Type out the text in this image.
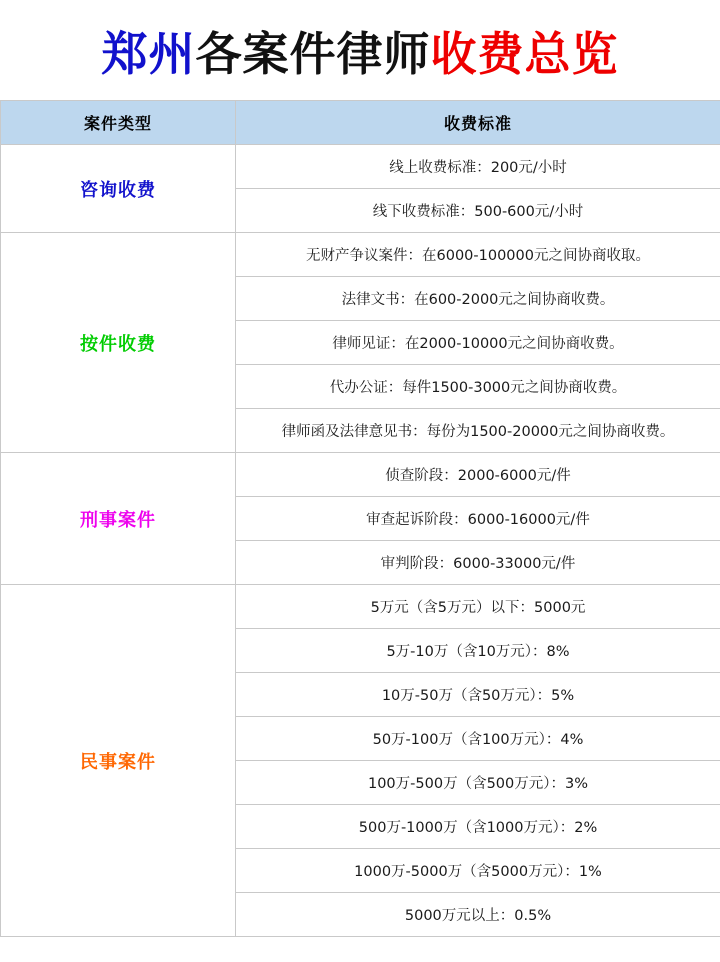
郑州 各案件律师 收费总览
案件类型	收费标准
咨询收费	线上收费标准：200元/小时
	线下收费标准：500-600元/小时
按件收费	无财产争议案件：在6000-100000元之间协商收取。
	法律文书：在600-2000元之间协商收费。
	律师见证：在2000-10000元之间协商收费。
	代办公证：每件1500-3000元之间协商收费。
	律师函及法律意见书：每份为1500-20000元之间协商收费。
刑事案件	侦查阶段：2000-6000元/件
	审查起诉阶段：6000-16000元/件
	审判阶段：6000-33000元/件
民事案件	5万元（含5万元）以下：5000元
	5万-10万（含10万元）：8%
	10万-50万（含50万元）：5%
	50万-100万（含100万元）：4%
	100万-500万（含500万元）：3%
	500万-1000万（含1000万元）：2%
	1000万-5000万（含5000万元）：1%
	5000万元以上：0.5%
